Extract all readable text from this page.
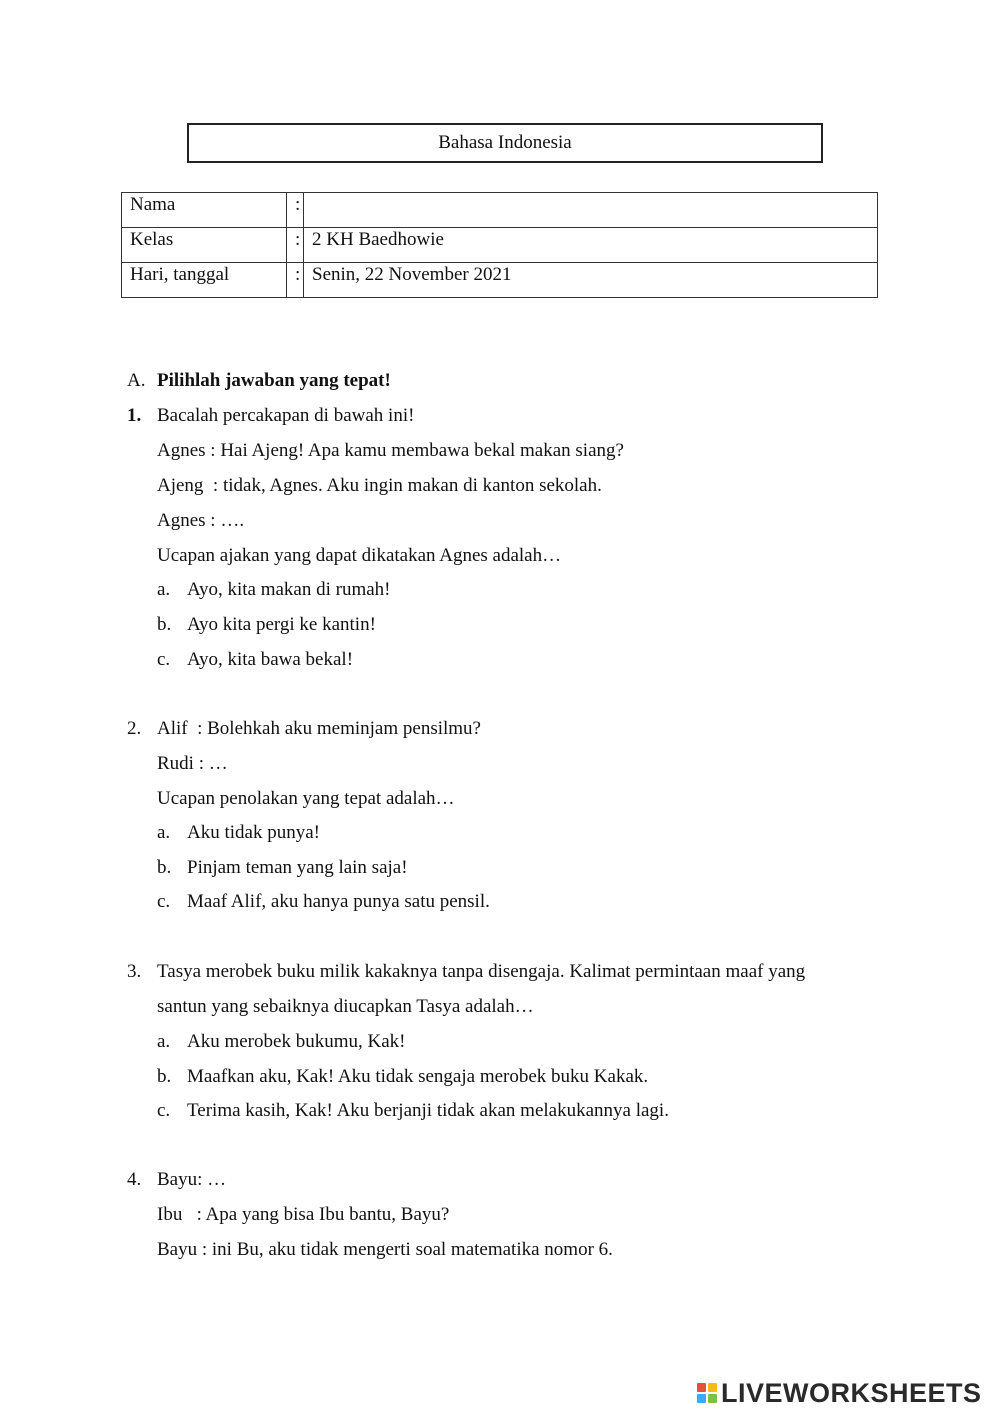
Bahasa Indonesia
Nama	:	
Kelas	:	2 KH Baedhowie
Hari, tanggal	:	Senin, 22 November 2021
A. Pilihlah jawaban yang tepat!
1. Bacalah percakapan di bawah ini!
Agnes : Hai Ajeng! Apa kamu membawa bekal makan siang?
Ajeng  : tidak, Agnes. Aku ingin makan di kanton sekolah.
Agnes : ….
Ucapan ajakan yang dapat dikatakan Agnes adalah…
a. Ayo, kita makan di rumah!
b. Ayo kita pergi ke kantin!
c. Ayo, kita bawa bekal!
2. Alif  : Bolehkah aku meminjam pensilmu?
Rudi : …
Ucapan penolakan yang tepat adalah…
a. Aku tidak punya!
b. Pinjam teman yang lain saja!
c. Maaf Alif, aku hanya punya satu pensil.
3. Tasya merobek buku milik kakaknya tanpa disengaja. Kalimat permintaan maaf yang
santun yang sebaiknya diucapkan Tasya adalah…
a. Aku merobek bukumu, Kak!
b. Maafkan aku, Kak! Aku tidak sengaja merobek buku Kakak.
c. Terima kasih, Kak! Aku berjanji tidak akan melakukannya lagi.
4. Bayu: …
Ibu   : Apa yang bisa Ibu bantu, Bayu?
Bayu : ini Bu, aku tidak mengerti soal matematika nomor 6.
LIVEWORKSHEETS
